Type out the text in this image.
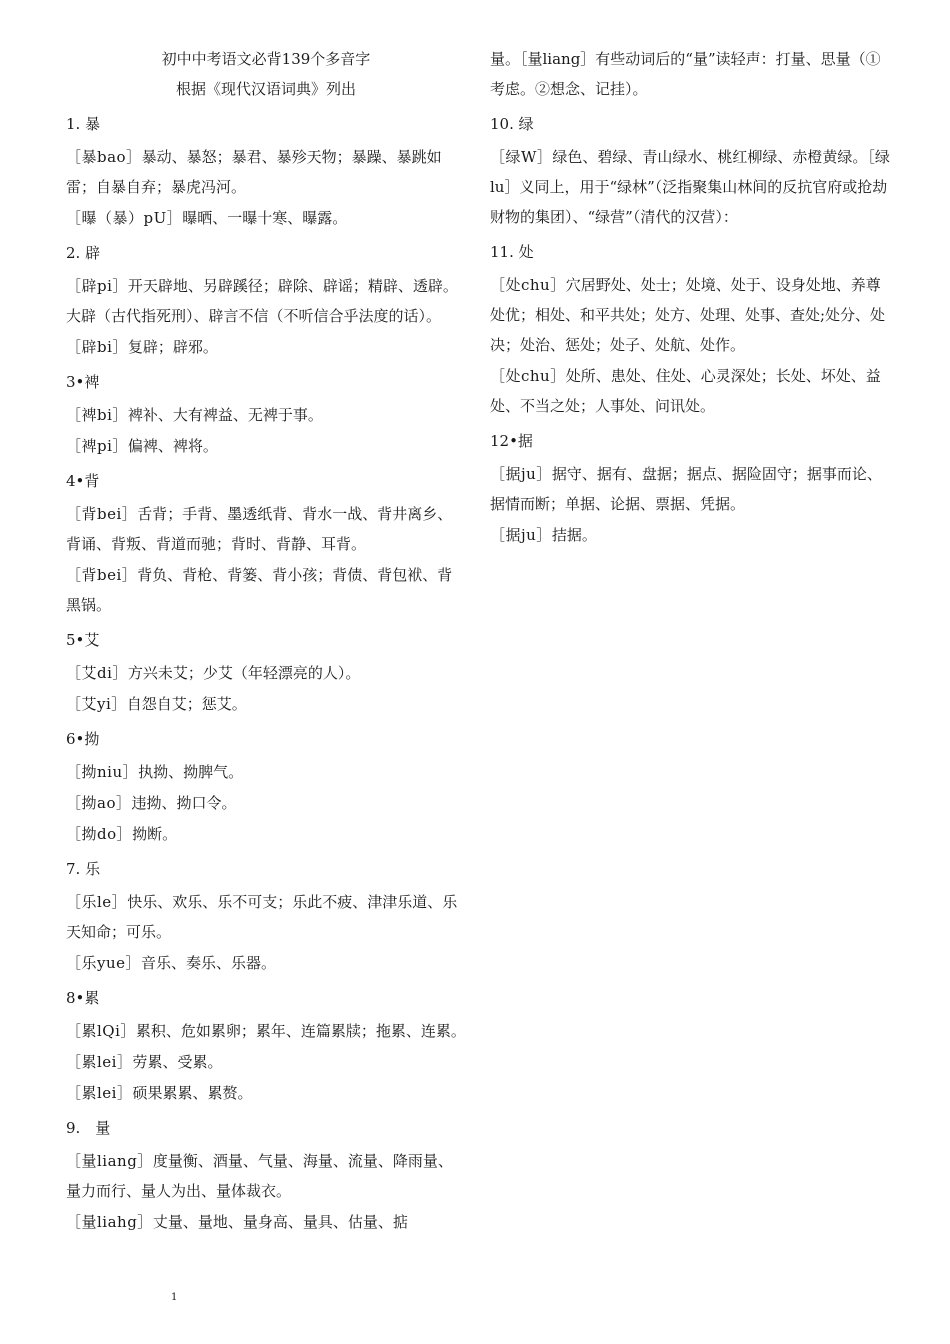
初中中考语文必背139个多音字
根据《现代汉语词典》列出
1. 暴
［暴bao］暴动、暴怒；暴君、暴殄天物；暴躁、暴跳如雷；自暴自弃；暴虎冯河。
［曝（暴）pU］曝晒、一曝十寒、曝露。
2. 辟
［辟pi］开天辟地、另辟蹊径；辟除、辟谣；精辟、透辟。大辟（古代指死刑）、辟言不信（不听信合乎法度的话）。
［辟bi］复辟；辟邪。
3•裨
［裨bi］裨补、大有裨益、无裨于事。
［裨pi］偏裨、裨将。
4•背
［背bei］舌背；手背、墨透纸背、背水一战、背井离乡、背诵、背叛、背道而驰；背时、背静、耳背。
［背bei］背负、背枪、背篓、背小孩；背债、背包袱、背黑锅。
5•艾
［艾di］方兴未艾；少艾（年轻漂亮的人）。
［艾yi］自怨自艾；惩艾。
6•拗
［拗niu］执拗、拗脾气。
［拗ao］违拗、拗口令。
［拗do］拗断。
7. 乐
［乐le］快乐、欢乐、乐不可支；乐此不疲、津津乐道、乐天知命；可乐。
［乐yue］音乐、奏乐、乐器。
8•累
［累lQi］累积、危如累卵；累年、连篇累牍；拖累、连累。
［累lei］劳累、受累。
［累lei］硕果累累、累赘。
9.　量
［量liang］度量衡、酒量、气量、海量、流量、降雨量、量力而行、量人为出、量体裁衣。
［量liahg］丈量、量地、量身高、量具、估量、掂
量。［量liang］有些动词后的“量”读轻声：打量、思量（①考虑。②想念、记挂）。
10. 绿
［绿W］绿色、碧绿、青山绿水、桃红柳绿、赤橙黄绿。［绿lu］义同上，用于“绿林”（泛指聚集山林间的反抗官府或抢劫财物的集团）、“绿营”（清代的汉营）：
11. 处
［处chu］穴居野处、处士；处境、处于、设身处地、养尊处优；相处、和平共处；处方、处理、处事、查处;处分、处决；处治、惩处；处子、处航、处作。
［处chu］处所、患处、住处、心灵深处；长处、坏处、益处、不当之处；人事处、问讯处。
12•据
［据ju］据守、据有、盘据；据点、据险固守；据事而论、据情而断；单据、论据、票据、凭据。
［据ju］拮据。
1
